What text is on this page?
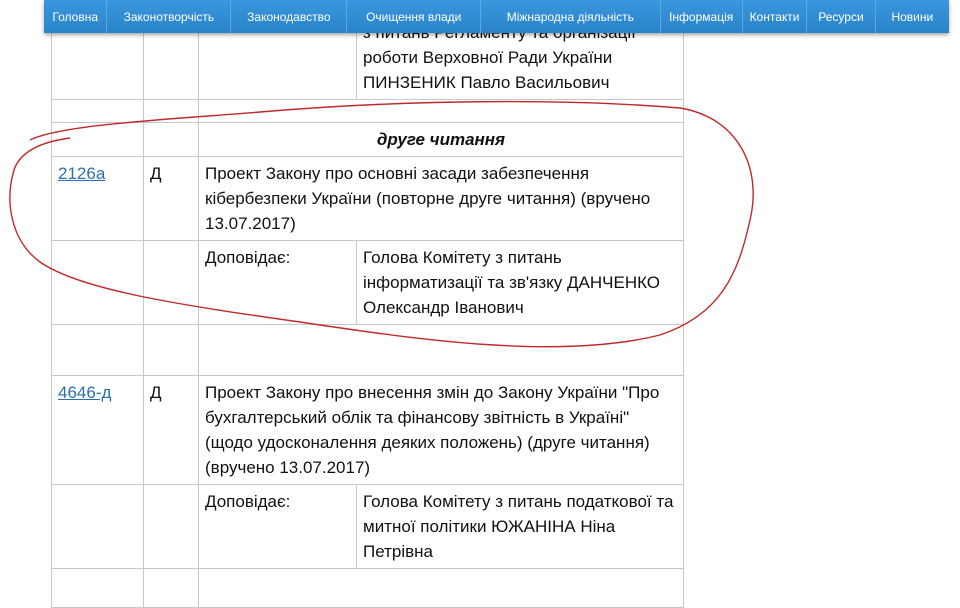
Головна	Законотворчість	Законодавство	Очищення влади	Міжнародна діяльність	Інформація	Контакти	Ресурси	Новини
			роботи Верховної Ради України ПИНЗЕНИК Павло Васильович

		друге читання	
2126а	Д	Проект Закону про основні засади забезпечення кібербезпеки України (повторне друге читання) (вручено 13.07.2017)	
		Доповідає:	Голова Комітету з питань інформатизації та зв'язку ДАНЧЕНКО Олександр Іванович

4646-д	Д	Проект Закону про внесення змін до Закону України "Про бухгалтерський облік та фінансову звітність в Україні" (щодо удосконалення деяких положень) (друге читання) (вручено 13.07.2017)	
		Доповідає:	Голова Комітету з питань податкової та митної політики ЮЖАНІНА Ніна Петрівна
